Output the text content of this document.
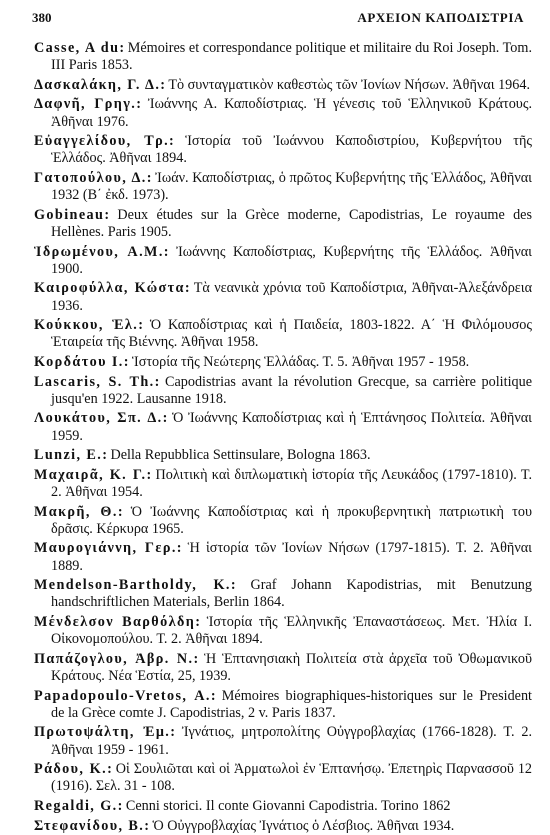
380	ΑΡΧΕΙΟΝ ΚΑΠΟΔΙΣΤΡΙΑ
Casse, A du: Mémoires et correspondance politique et militaire du Roi Joseph. Tom. III Paris 1853.
Δασκαλάκη, Γ. Δ.: Τὸ συνταγματικὸν καθεστὼς τῶν Ἰονίων Νήσων. Ἀθῆναι 1964.
Δαφνῆ, Γρηγ.: Ἰωάννης Α. Καποδίστριας. Ἡ γένεσις τοῦ Ἑλληνικοῦ Κράτους. Ἀθῆναι 1976.
Εὐαγγελίδου, Τρ.: Ἱστορία τοῦ Ἰωάννου Καποδιστρίου, Κυβερνήτου τῆς Ἑλλάδος. Ἀθῆναι 1894.
Γατοπούλου, Δ.: Ἰωάν. Καποδίστριας, ὁ πρῶτος Κυβερνήτης τῆς Ἑλλάδος, Ἀθῆναι 1932 (Β΄ ἐκδ. 1973).
Gobineau: Deux études sur la Grèce moderne, Capodistrias, Le royaume des Hellènes. Paris 1905.
Ἱδρωμένου, Α.Μ.: Ἰωάννης Καποδίστριας, Κυβερνήτης τῆς Ἑλλάδος. Ἀθῆναι 1900.
Καιροφύλλα, Κώστα: Τὰ νεανικὰ χρόνια τοῦ Καποδίστρια, Ἀθῆναι-Ἀλεξάνδρεια 1936.
Κούκκου, Ἑλ.: Ὁ Καποδίστριας καὶ ἡ Παιδεία, 1803-1822. Α΄ Ἡ Φιλόμουσος Ἑταιρεία τῆς Βιέννης. Ἀθῆναι 1958.
Κορδάτου Ι.: Ἱστορία τῆς Νεώτερης Ἑλλάδας. Τ. 5. Ἀθῆναι 1957 - 1958.
Lascaris, S. Th.: Capodistrias avant la révolution Grecque, sa carrière politique jusqu'en 1922. Lausanne 1918.
Λουκάτου, Σπ. Δ.: Ὁ Ἰωάννης Καποδίστριας καὶ ἡ Ἑπτάνησος Πολιτεία. Ἀθῆναι 1959.
Lunzi, E.: Della Repubblica Settinsulare, Bologna 1863.
Μαχαιρᾶ, Κ. Γ.: Πολιτικὴ καὶ διπλωματικὴ ἱστορία τῆς Λευκάδος (1797-1810). Τ. 2. Ἀθῆναι 1954.
Μακρῆ, Θ.: Ὁ Ἰωάννης Καποδίστριας καὶ ἡ προκυβερνητικὴ πατριωτικὴ του δρᾶσις. Κέρκυρα 1965.
Μαυρογιάννη, Γερ.: Ἡ ἱστορία τῶν Ἰονίων Νήσων (1797-1815). Τ. 2. Ἀθῆναι 1889.
Mendelson-Bartholdy, K.: Graf Johann Kapodistrias, mit Benutzung handschriftlichen Materials, Berlin 1864.
Μένδελσον Βαρθόλδη: Ἱστορία τῆς Ἑλληνικῆς Ἐπαναστάσεως. Μετ. Ἠλία Ι. Οἰκονομοπούλου. Τ. 2. Ἀθῆναι 1894.
Παπάζογλου, Ἀβρ. Ν.: Ἡ Ἑπτανησιακὴ Πολιτεία στὰ ἀρχεῖα τοῦ Ὀθωμανικοῦ Κράτους. Νέα Ἑστία, 25, 1939.
Papadopoulo-Vretos, A.: Mémoires biographiques-historiques sur le President de la Grèce comte J. Capodistrias, 2 v. Paris 1837.
Πρωτοψάλτη, Ἐμ.: Ἰγνάτιος, μητροπολίτης Οὐγγροβλαχίας (1766-1828). Τ. 2. Ἀθῆναι 1959 - 1961.
Ράδου, Κ.: Οἱ Σουλιῶται καὶ οἱ Ἀρματωλοὶ ἐν Ἑπτανήσῳ. Ἐπετηρὶς Παρνασσοῦ 12 (1916). Σελ. 31 - 108.
Regaldi, G.: Cenni storici. Il conte Giovanni Capodistria. Torino 1862
Στεφανίδου, Β.: Ὁ Οὐγγροβλαχίας Ἰγνάτιος ὁ Λέσβιος. Ἀθῆναι 1934.
